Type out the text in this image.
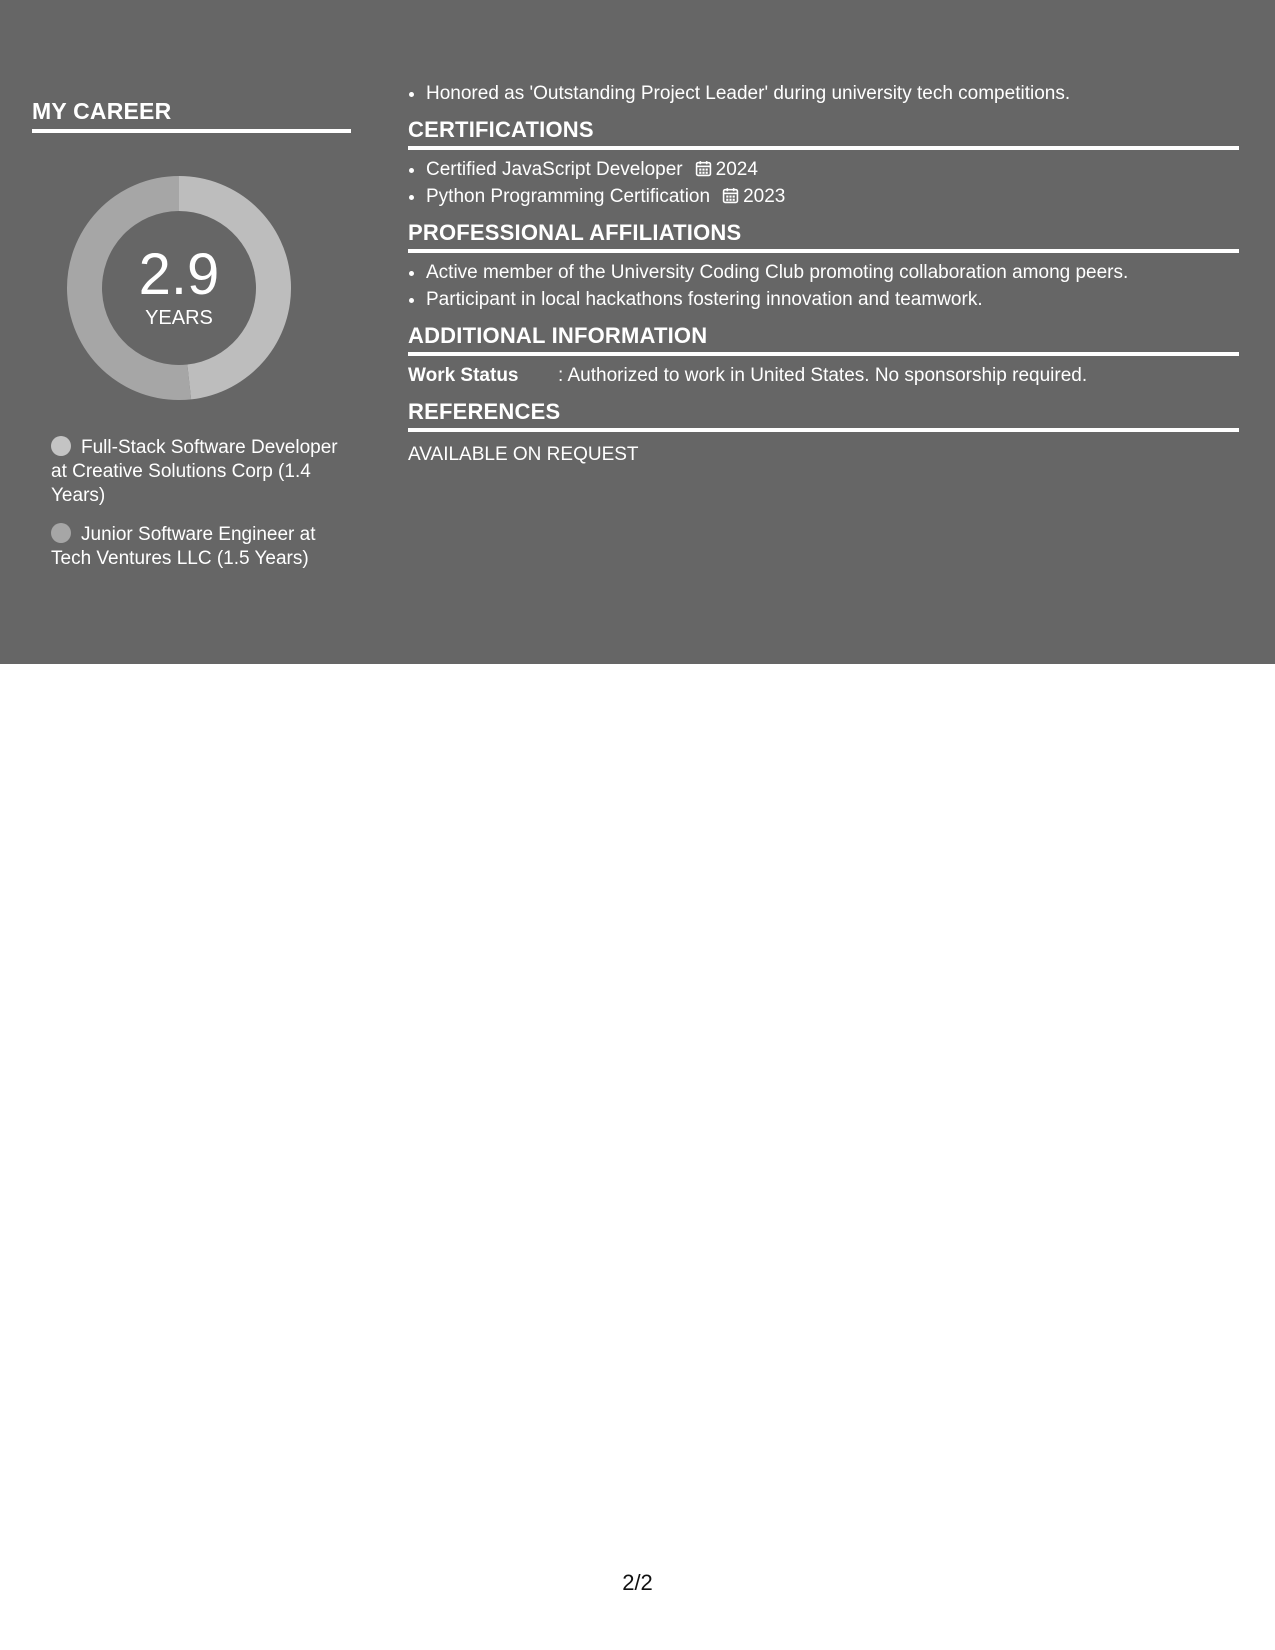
MY CAREER
2.9
YEARS
Full-Stack Software Developer at Creative Solutions Corp (1.4 Years)
Junior Software Engineer at Tech Ventures LLC (1.5 Years)
• Honored as 'Outstanding Project Leader' during university tech competitions.
CERTIFICATIONS
• Certified JavaScript Developer 2024
• Python Programming Certification 2023
PROFESSIONAL AFFILIATIONS
• Active member of the University Coding Club promoting collaboration among peers.
• Participant in local hackathons fostering innovation and teamwork.
ADDITIONAL INFORMATION
Work Status	: Authorized to work in United States. No sponsorship required.
REFERENCES
AVAILABLE ON REQUEST
2/2
